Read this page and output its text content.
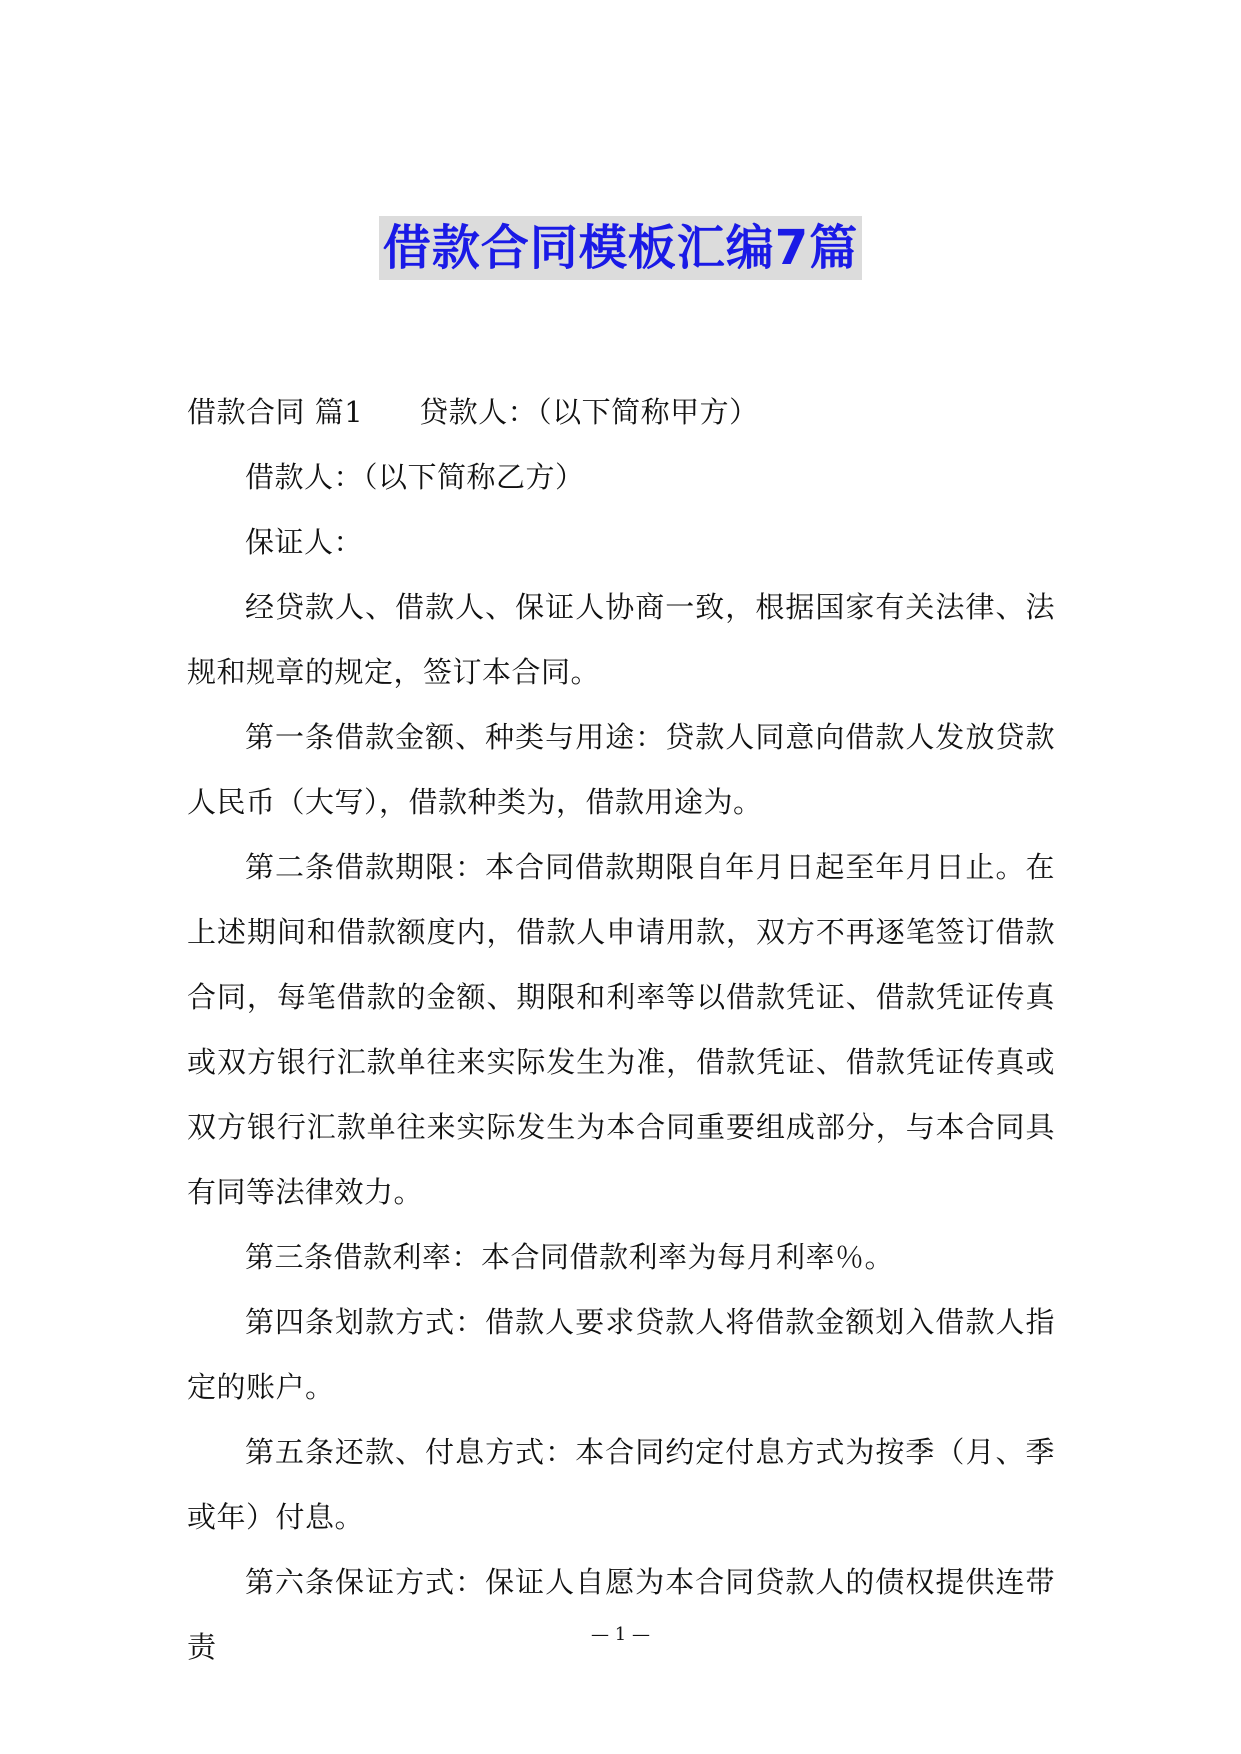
借款合同模板汇编7篇

借款合同 篇1 贷款人：（以下简称甲方）

借款人：（以下简称乙方）

保证人：

经贷款人、借款人、保证人协商一致，根据国家有关法律、法规和规章的规定，签订本合同。

第一条借款金额、种类与用途：贷款人同意向借款人发放贷款人民币（大写），借款种类为，借款用途为。

第二条借款期限：本合同借款期限自年月日起至年月日止。在上述期间和借款额度内，借款人申请用款，双方不再逐笔签订借款合同，每笔借款的金额、期限和利率等以借款凭证、借款凭证传真或双方银行汇款单往来实际发生为准，借款凭证、借款凭证传真或双方银行汇款单往来实际发生为本合同重要组成部分，与本合同具有同等法律效力。

第三条借款利率：本合同借款利率为每月利率％。

第四条划款方式：借款人要求贷款人将借款金额划入借款人指定的账户。

第五条还款、付息方式：本合同约定付息方式为按季（月、季或年）付息。

第六条保证方式：保证人自愿为本合同贷款人的债权提供连带责	— 1 —
